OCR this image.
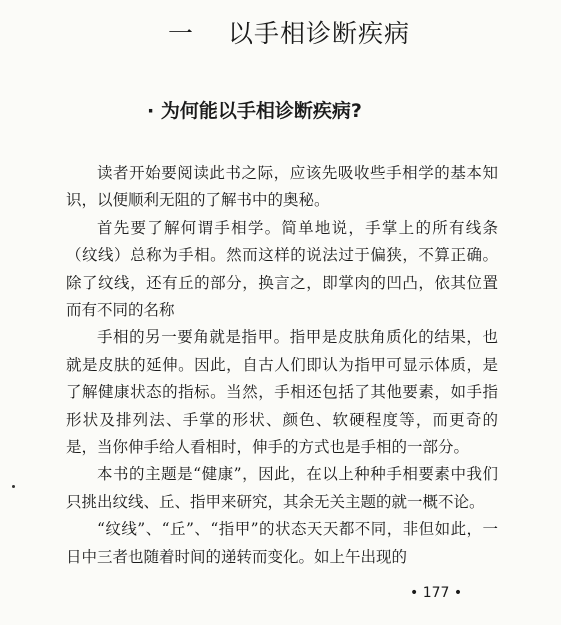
一 以手相诊断疾病
· 为何能以手相诊断疾病?

读者开始要阅读此书之际，应该先吸收些手相学的基本知识，以便顺利无阻的了解书中的奥秘。

首先要了解何谓手相学。简单地说，手掌上的所有线条（纹线）总称为手相。然而这样的说法过于偏狭，不算正确。除了纹线，还有丘的部分，换言之，即掌肉的凹凸，依其位置而有不同的名称

手相的另一要角就是指甲。指甲是皮肤角质化的结果，也就是皮肤的延伸。因此，自古人们即认为指甲可显示体质，是了解健康状态的指标。当然，手相还包括了其他要素，如手指形状及排列法、手掌的形状、颜色、软硬程度等，而更奇的是，当你伸手给人看相时，伸手的方式也是手相的一部分。

本书的主题是“健康”，因此，在以上种种手相要素中我们只挑出纹线、丘、指甲来研究，其余无关主题的就一概不论。

“纹线”、“丘”、“指甲”的状态天天都不同，非但如此，一日中三者也随着时间的递转而变化。如上午出现的

• 177 •
